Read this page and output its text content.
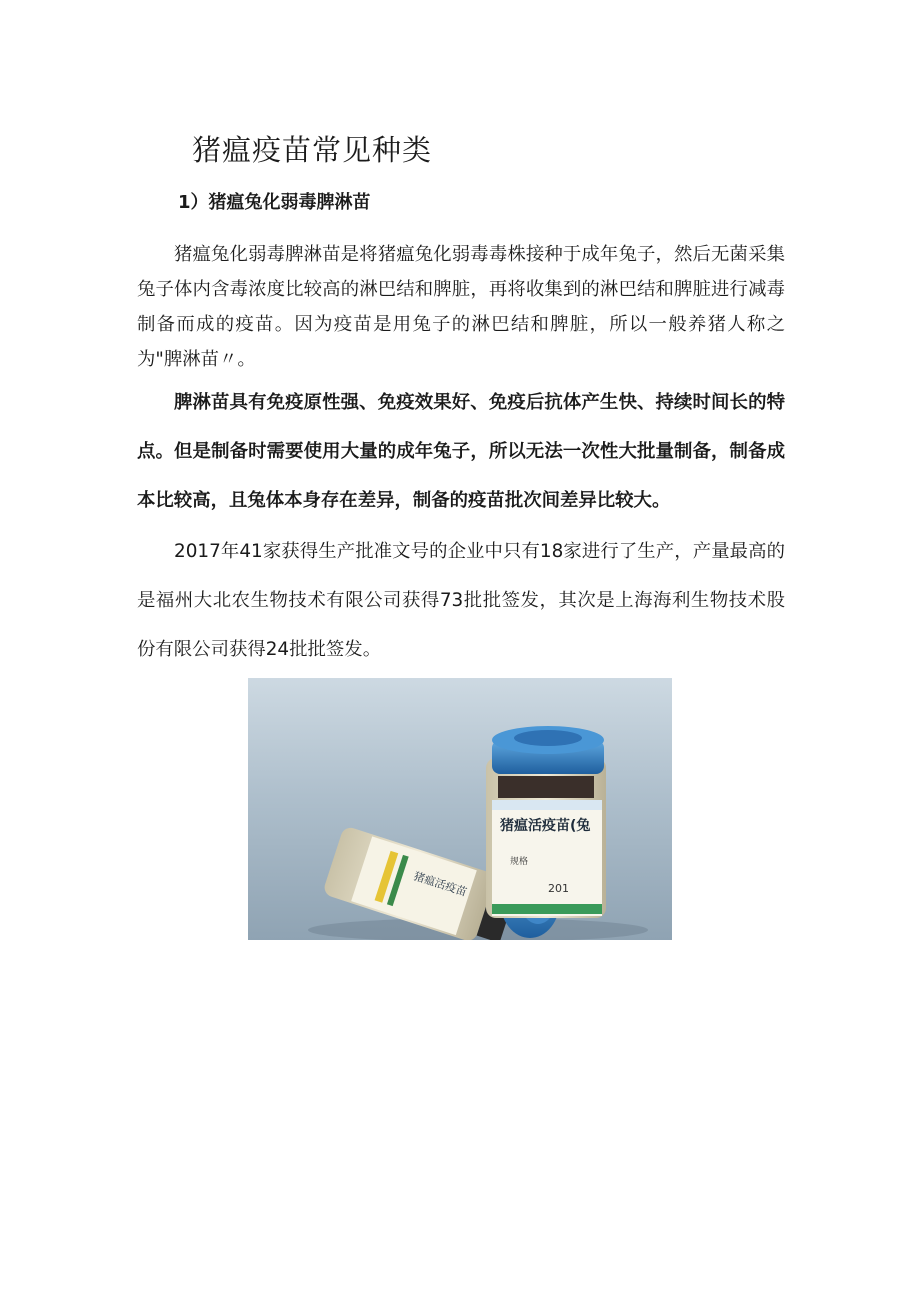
猪瘟疫苗常见种类
1）猪瘟兔化弱毒脾淋苗

猪瘟兔化弱毒脾淋苗是将猪瘟兔化弱毒毒株接种于成年兔子，然后无菌采集兔子体内含毒浓度比较高的淋巴结和脾脏，再将收集到的淋巴结和脾脏进行减毒制备而成的疫苗。因为疫苗是用兔子的淋巴结和脾脏，所以一般养猪人称之为"脾淋苗〃。

脾淋苗具有免疫原性强、免疫效果好、免疫后抗体产生快、持续时间长的特点。但是制备时需要使用大量的成年兔子，所以无法一次性大批量制备，制备成本比较高，且兔体本身存在差异，制备的疫苗批次间差异比较大。

2017年41家获得生产批准文号的企业中只有18家进行了生产，产量最高的是福州大北农生物技术有限公司获得73批批签发，其次是上海海利生物技术股份有限公司获得24批批签发。

猪瘟活疫苗
猪瘟活疫苗(兔
规格
201
